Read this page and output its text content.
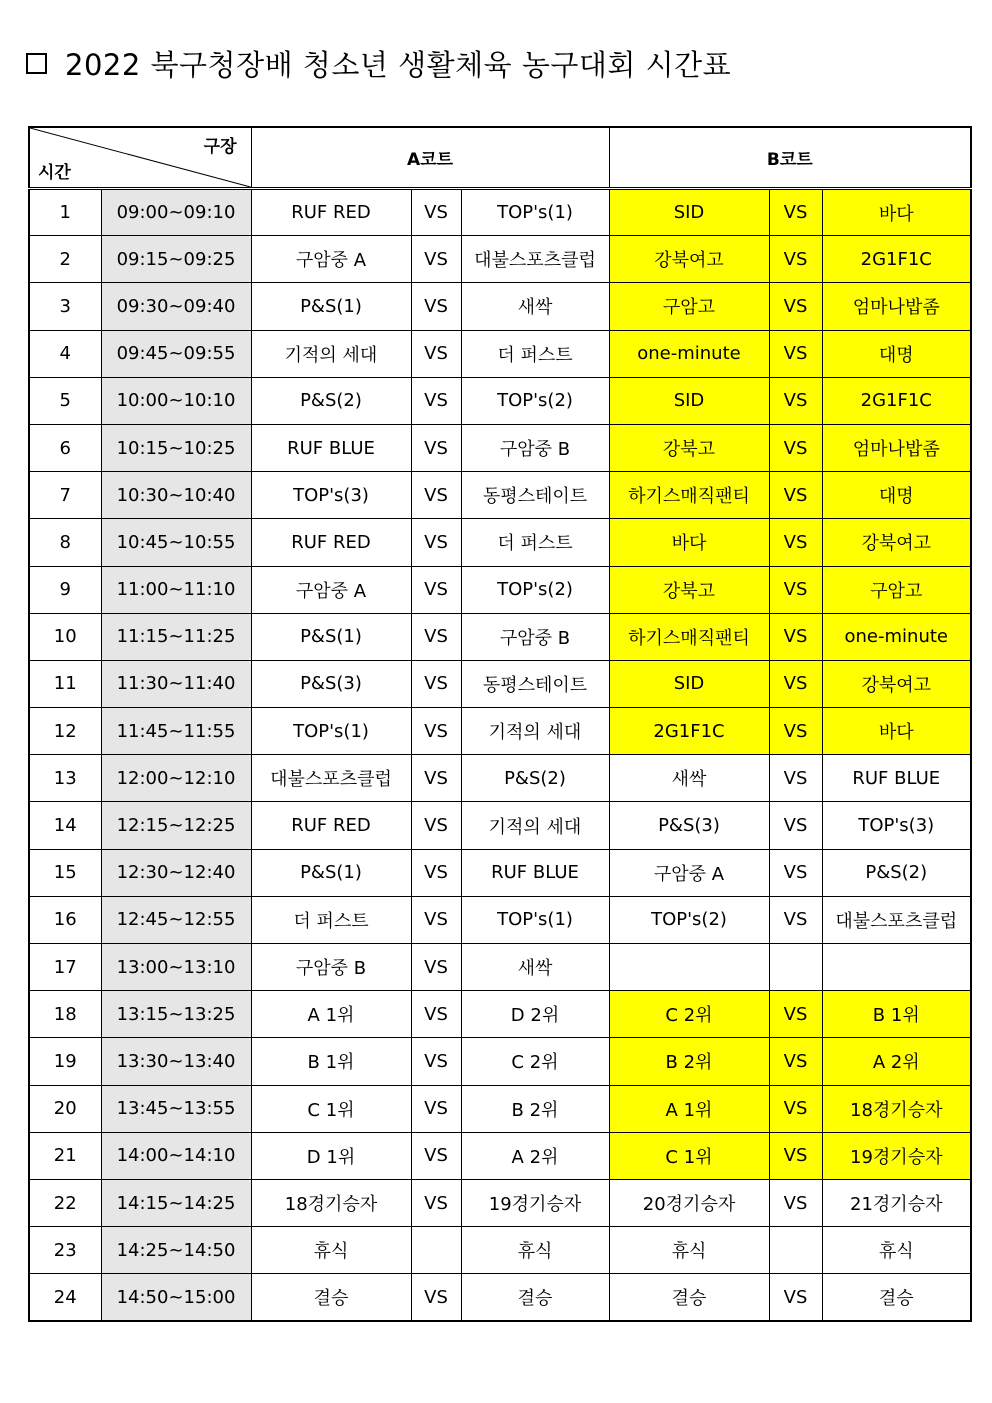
2022 북구청장배 청소년 생활체육 농구대회 시간표
구장
시간		A코트			B코트		
1	09:00~09:10	RUF RED	VS	TOP's(1)	SID	VS	바다
2	09:15~09:25	구암중 A	VS	대불스포츠클럽	강북여고	VS	2G1F1C
3	09:30~09:40	P&S(1)	VS	새싹	구암고	VS	엄마나밥좀
4	09:45~09:55	기적의 세대	VS	더 퍼스트	one-minute	VS	대명
5	10:00~10:10	P&S(2)	VS	TOP's(2)	SID	VS	2G1F1C
6	10:15~10:25	RUF BLUE	VS	구암중 B	강북고	VS	엄마나밥좀
7	10:30~10:40	TOP's(3)	VS	동평스테이트	하기스매직팬티	VS	대명
8	10:45~10:55	RUF RED	VS	더 퍼스트	바다	VS	강북여고
9	11:00~11:10	구암중 A	VS	TOP's(2)	강북고	VS	구암고
10	11:15~11:25	P&S(1)	VS	구암중 B	하기스매직팬티	VS	one-minute
11	11:30~11:40	P&S(3)	VS	동평스테이트	SID	VS	강북여고
12	11:45~11:55	TOP's(1)	VS	기적의 세대	2G1F1C	VS	바다
13	12:00~12:10	대불스포츠클럽	VS	P&S(2)	새싹	VS	RUF BLUE
14	12:15~12:25	RUF RED	VS	기적의 세대	P&S(3)	VS	TOP's(3)
15	12:30~12:40	P&S(1)	VS	RUF BLUE	구암중 A	VS	P&S(2)
16	12:45~12:55	더 퍼스트	VS	TOP's(1)	TOP's(2)	VS	대불스포츠클럽
17	13:00~13:10	구암중 B	VS	새싹			
18	13:15~13:25	A 1위	VS	D 2위	C 2위	VS	B 1위
19	13:30~13:40	B 1위	VS	C 2위	B 2위	VS	A 2위
20	13:45~13:55	C 1위	VS	B 2위	A 1위	VS	18경기승자
21	14:00~14:10	D 1위	VS	A 2위	C 1위	VS	19경기승자
22	14:15~14:25	18경기승자	VS	19경기승자	20경기승자	VS	21경기승자
23	14:25~14:50	휴식		휴식	휴식		휴식
24	14:50~15:00	결승	VS	결승	결승	VS	결승
